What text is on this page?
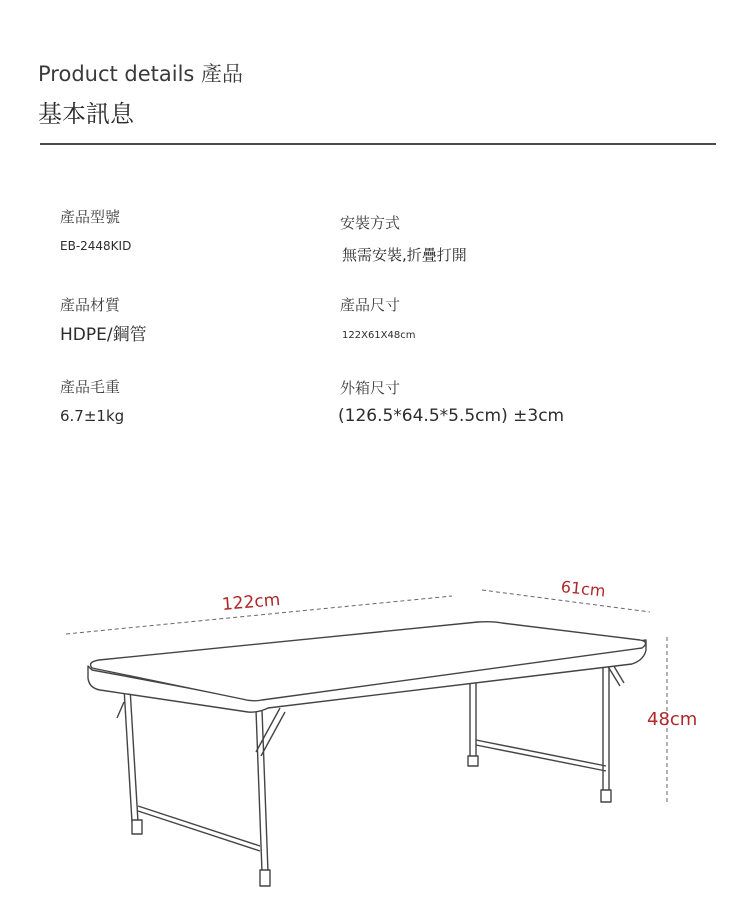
Product details 產品
基本訊息
產品型號
EB-2448KID
安裝方式
無需安裝,折疊打開
產品材質
HDPE/鋼管
產品尺寸
122X61X48cm
產品毛重
6.7±1kg
外箱尺寸
(126.5*64.5*5.5cm) ±3cm
122cm
61cm
48cm
